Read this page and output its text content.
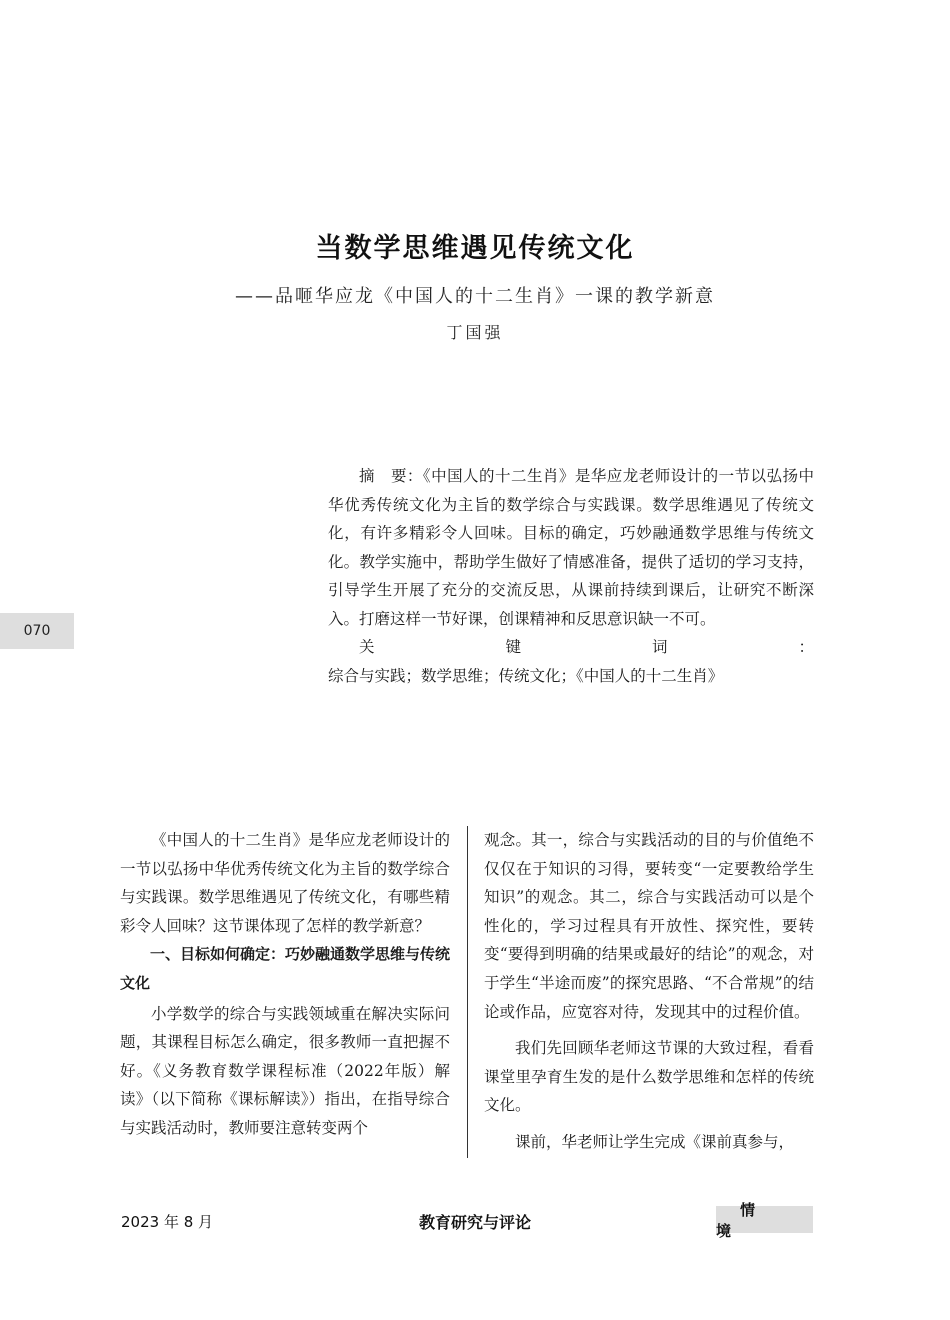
当数学思维遇见传统文化
——品咂华应龙《中国人的十二生肖》一课的教学新意
丁国强

摘　要：《中国人的十二生肖》是华应龙老师设计的一节以弘扬中华优秀传统文化为主旨的数学综合与实践课。数学思维遇见了传统文化，有许多精彩令人回味。目标的确定，巧妙融通数学思维与传统文化。教学实施中，帮助学生做好了情感准备，提供了适切的学习支持，引导学生开展了充分的交流反思，从课前持续到课后，让研究不断深入。打磨这样一节好课，创课精神和反思意识缺一不可。

关键词：综合与实践；数学思维；传统文化；《中国人的十二生肖》

070

《中国人的十二生肖》是华应龙老师设计的一节以弘扬中华优秀传统文化为主旨的数学综合与实践课。数学思维遇见了传统文化，有哪些精彩令人回味？这节课体现了怎样的教学新意？

一、目标如何确定：巧妙融通数学思维与传统文化

小学数学的综合与实践领域重在解决实际问题，其课程目标怎么确定，很多教师一直把握不好。《义务教育数学课程标准（2022年版）解读》（以下简称《课标解读》）指出，在指导综合与实践活动时，教师要注意转变两个

观念。其一，综合与实践活动的目的与价值绝不仅仅在于知识的习得，要转变“一定要教给学生知识”的观念。其二，综合与实践活动可以是个性化的，学习过程具有开放性、探究性，要转变“要得到明确的结果或最好的结论”的观念，对于学生“半途而废”的探究思路、“不合常规”的结论或作品，应宽容对待，发现其中的过程价值。

我们先回顾华老师这节课的大致过程，看看课堂里孕育生发的是什么数学思维和怎样的传统文化。

课前，华老师让学生完成《课前真参与，

2023 年 8 月	教育研究与评论
情境
